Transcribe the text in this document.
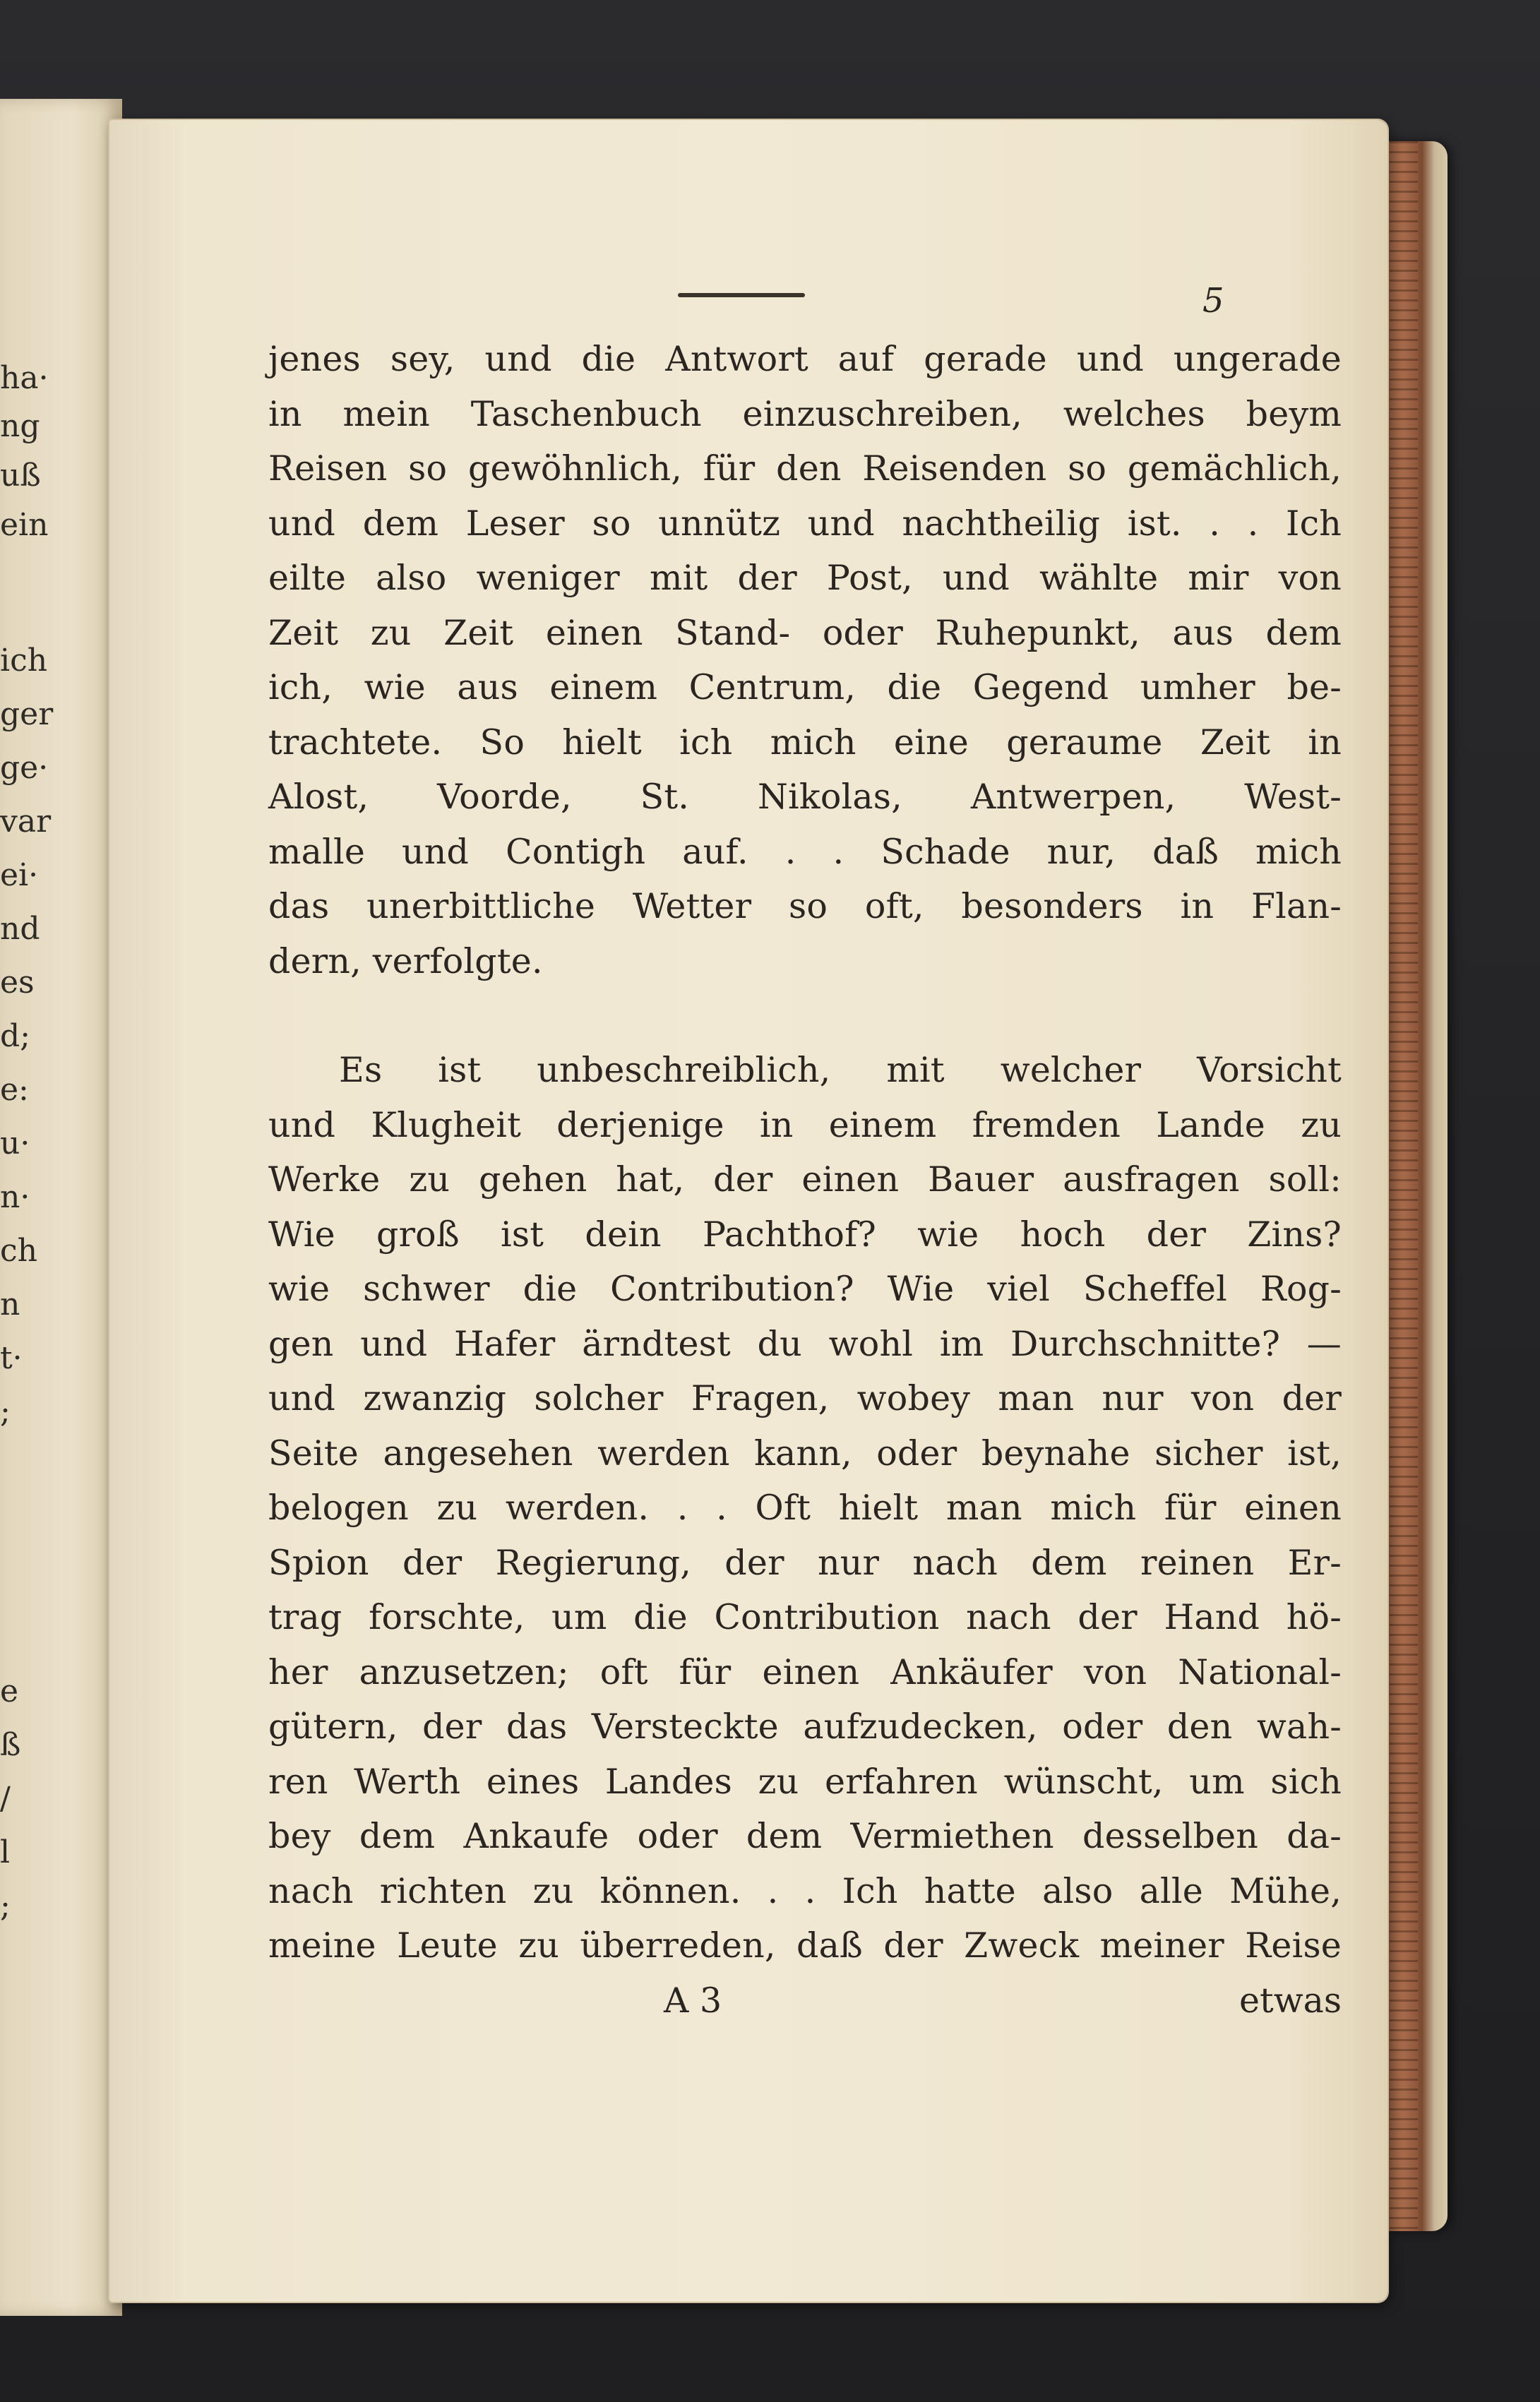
ha·
ng
uß
ein
ich
ger
ge·
var
ei·
nd
es
d;
e:
u·
n·
ch
n
t·
;
e
ß
/
l
;
5
jenes sey, und die Antwort auf gerade und ungerade
in mein Taschenbuch einzuschreiben, welches beym
Reisen so gewöhnlich, für den Reisenden so gemächlich,
und dem Leser so unnütz und nachtheilig ist. . . Ich
eilte also weniger mit der Post, und wählte mir von
Zeit zu Zeit einen Stand- oder Ruhepunkt, aus dem
ich, wie aus einem Centrum, die Gegend umher be-
trachtete. So hielt ich mich eine geraume Zeit in
Alost, Voorde, St. Nikolas, Antwerpen, West-
malle und Contigh auf. . . Schade nur, daß mich
das unerbittliche Wetter so oft, besonders in Flan-
dern, verfolgte.
Es ist unbeschreiblich, mit welcher Vorsicht
und Klugheit derjenige in einem fremden Lande zu
Werke zu gehen hat, der einen Bauer ausfragen soll:
Wie groß ist dein Pachthof? wie hoch der Zins?
wie schwer die Contribution? Wie viel Scheffel Rog-
gen und Hafer ärndtest du wohl im Durchschnitte? —
und zwanzig solcher Fragen, wobey man nur von der
Seite angesehen werden kann, oder beynahe sicher ist,
belogen zu werden. . . Oft hielt man mich für einen
Spion der Regierung, der nur nach dem reinen Er-
trag forschte, um die Contribution nach der Hand hö-
her anzusetzen; oft für einen Ankäufer von National-
gütern, der das Versteckte aufzudecken, oder den wah-
ren Werth eines Landes zu erfahren wünscht, um sich
bey dem Ankaufe oder dem Vermiethen desselben da-
nach richten zu können. . . Ich hatte also alle Mühe,
meine Leute zu überreden, daß der Zweck meiner Reise
A 3	etwas
